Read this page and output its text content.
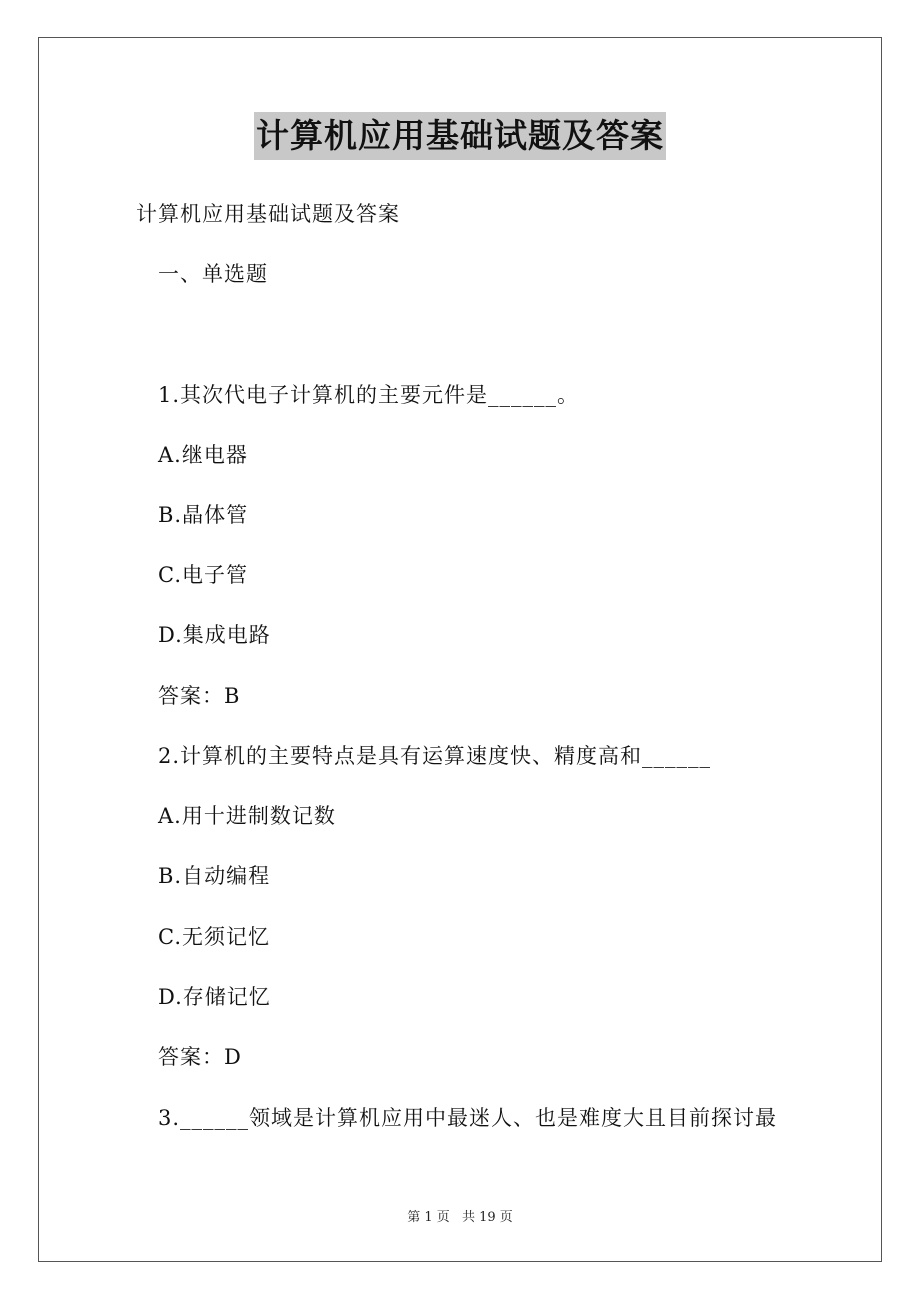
计算机应用基础试题及答案
计算机应用基础试题及答案
一、单选题
1.其次代电子计算机的主要元件是______。
A.继电器
B.晶体管
C.电子管
D.集成电路
答案：B
2.计算机的主要特点是具有运算速度快、精度高和______
A.用十进制数记数
B.自动编程
C.无须记忆
D.存储记忆
答案：D
3.______领域是计算机应用中最迷人、也是难度大且目前探讨最
第 1 页 共 19 页
